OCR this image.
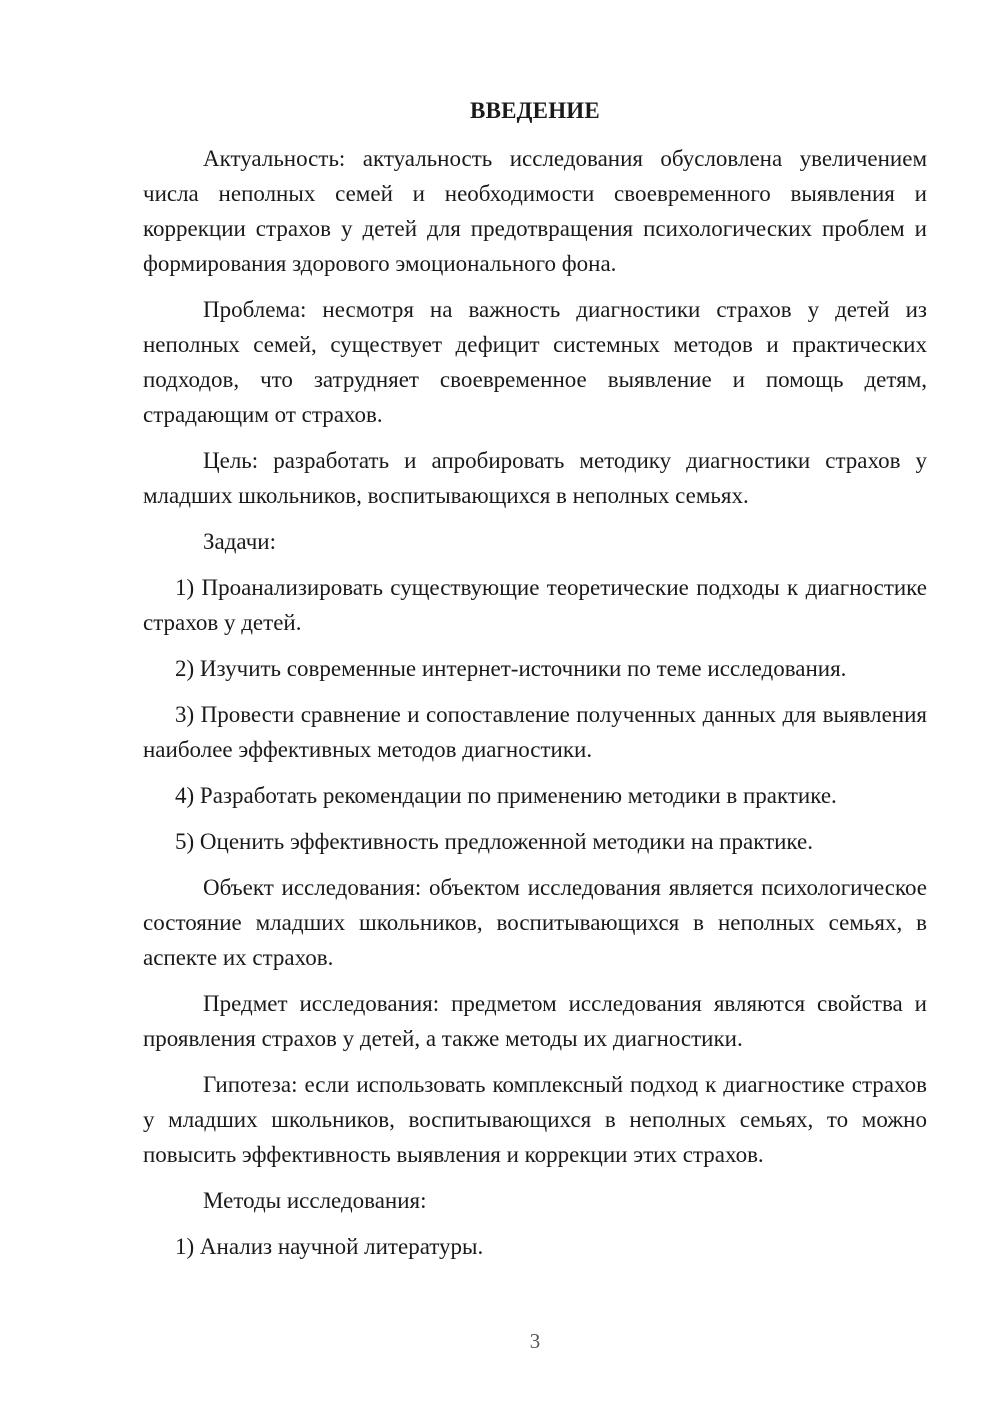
ВВЕДЕНИЕ

Актуальность: актуальность исследования обусловлена увеличением числа неполных семей и необходимости своевременного выявления и коррекции страхов у детей для предотвращения психологических проблем и формирования здорового эмоционального фона.

Проблема: несмотря на важность диагностики страхов у детей из неполных семей, существует дефицит системных методов и практических подходов, что затрудняет своевременное выявление и помощь детям, страдающим от страхов.

Цель: разработать и апробировать методику диагностики страхов у младших школьников, воспитывающихся в неполных семьях.

Задачи:

1) Проанализировать существующие теоретические подходы к диагностике страхов у детей.

2) Изучить современные интернет-источники по теме исследования.

3) Провести сравнение и сопоставление полученных данных для выявления наиболее эффективных методов диагностики.

4) Разработать рекомендации по применению методики в практике.

5) Оценить эффективность предложенной методики на практике.

Объект исследования: объектом исследования является психологическое состояние младших школьников, воспитывающихся в неполных семьях, в аспекте их страхов.

Предмет исследования: предметом исследования являются свойства и проявления страхов у детей, а также методы их диагностики.

Гипотеза: если использовать комплексный подход к диагностике страхов у младших школьников, воспитывающихся в неполных семьях, то можно повысить эффективность выявления и коррекции этих страхов.

Методы исследования:

1) Анализ научной литературы.

3
